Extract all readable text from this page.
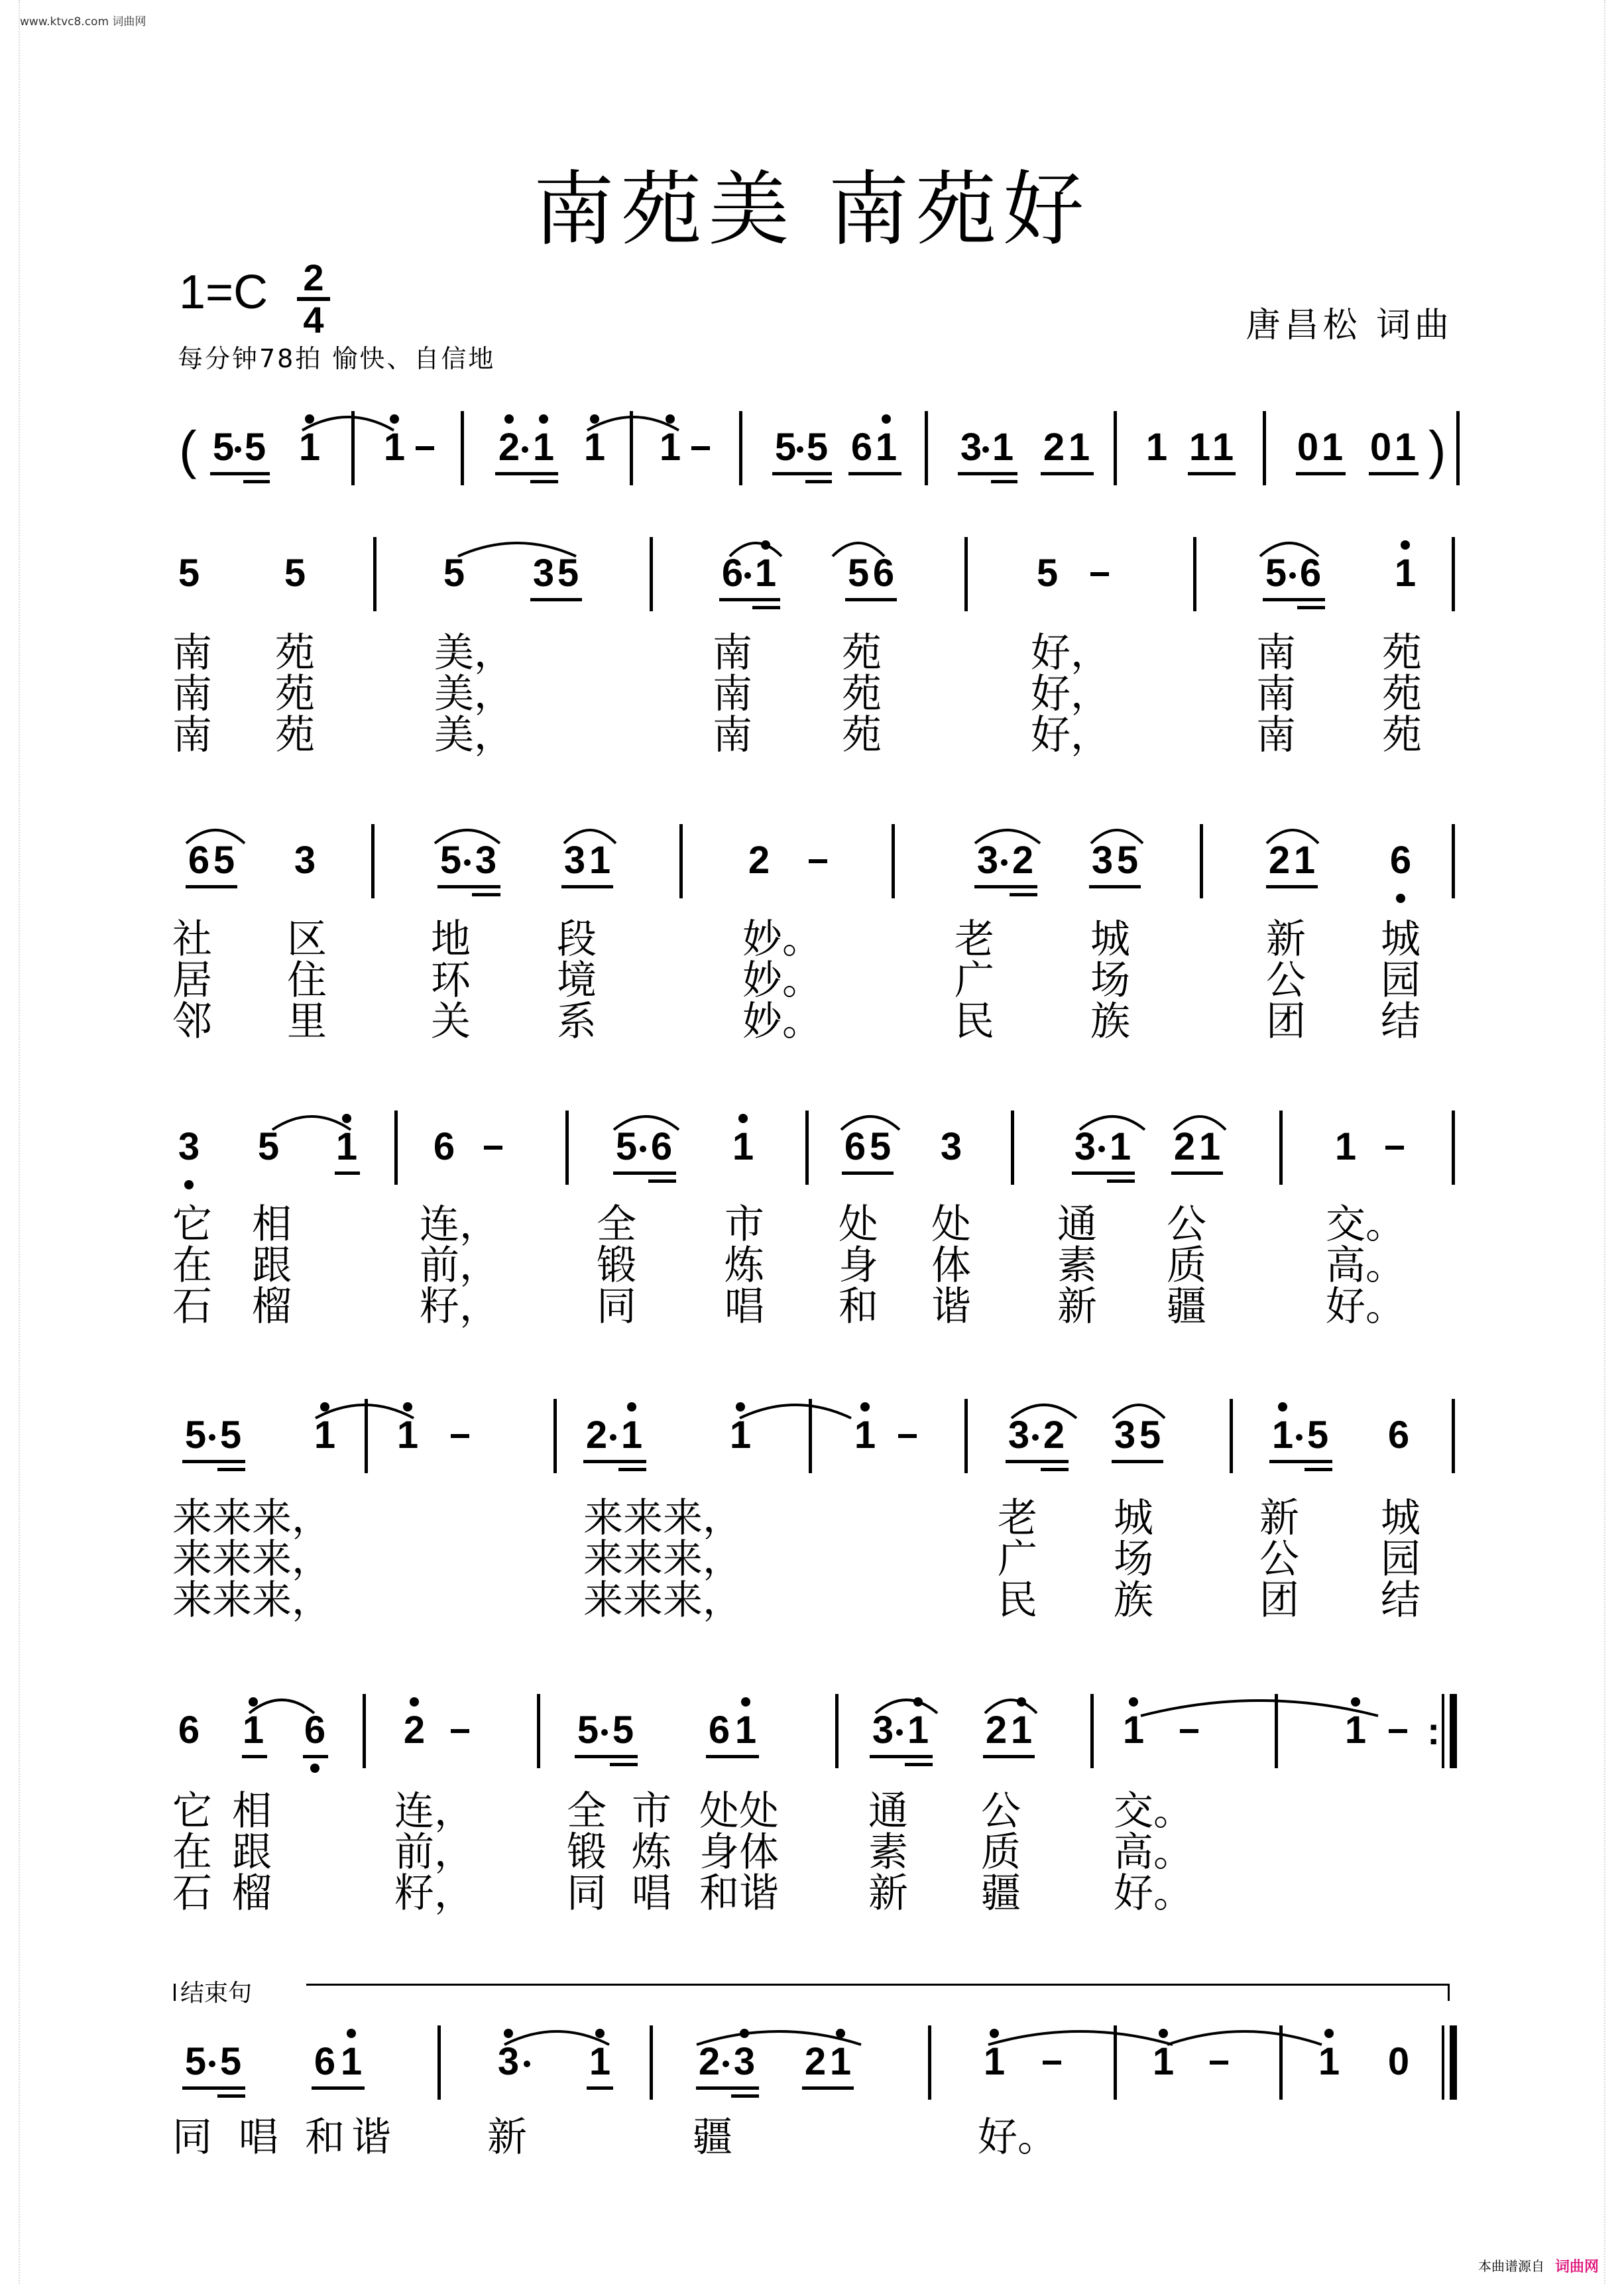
www.ktvc8.com 词曲网
南苑美 南苑好
1=C 2
4
每分钟78拍 愉快、自信地
唐昌松 词曲
( 5 5 1 1 2 1 1 1 5 5 6 1 3 1 2 1 1 1 1 0 1 0 1 )
5 5	5 3 5	6 1 5 6	5	5 6 1
南 苑	美，	南 苑	好，	南 苑
南 苑	美，	南 苑	好，	南 苑
南 苑	美，	南 苑	好，	南 苑
6 5 3	5 3 3 1	2	3 2 3 5	2 1 6
社 区	地 段	妙。	老 城	新 城
居 住	环 境	妙。	广 场	公 园
邻 里	关 系	妙。	民 族	团 结
3 5 1 6	5 6 1 6 5 3	3 1 2 1	1
它 相	连， 全 市 处 处 通 公	交。
在 跟	前， 锻 炼 身 体 素 质	高。
石 榴	籽， 同 唱 和 谐 新 疆	好。
5 5 1 1	2 1 1	1	3 2 3 5	1 5 6
来来来，	来来来，	老 城	新 城
来来来，	来来来，	广 场	公 园
来来来，	来来来，	民 族	团 结
6 1 6 2	5 5 6 1	3 1 2 1 1	1 :
它 相	连， 全 市 处处 通 公 交。
在 跟	前， 锻 炼 身体 素 质 高。
石 榴	籽， 同 唱 和谐 新 疆 好。
结束句
5 5 6 1	3 1 2 3 2 1	1	1	1 0
同 唱 和 谐 新	疆	好。
本曲谱源自 词曲网
